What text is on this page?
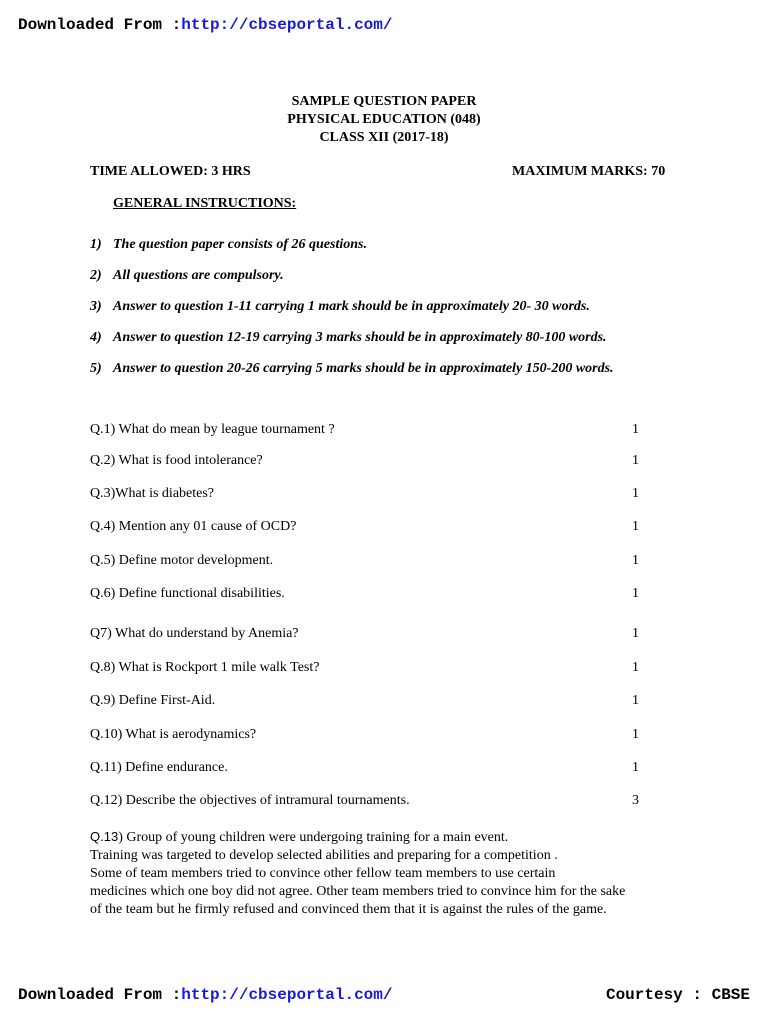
Downloaded From :http://cbseportal.com/
SAMPLE QUESTION PAPER
PHYSICAL EDUCATION (048)
CLASS XII (2017-18)
TIME ALLOWED: 3 HRS	MAXIMUM MARKS: 70
GENERAL INSTRUCTIONS:
1) The question paper consists of 26 questions.
2) All questions are compulsory.
3) Answer to question 1-11 carrying 1 mark should be in approximately 20- 30 words.
4) Answer to question 12-19 carrying 3 marks should be in approximately 80-100 words.
5) Answer to question 20-26 carrying 5 marks should be in approximately 150-200 words.
Q.1) What do mean by league tournament ?	1
Q.2) What is food intolerance?	1
Q.3)What is diabetes?	1
Q.4) Mention any 01 cause of OCD?	1
Q.5) Define motor development.	1
Q.6) Define functional disabilities.	1
Q7) What do understand by Anemia?	1
Q.8) What is Rockport 1 mile walk Test?	1
Q.9) Define First-Aid.	1
Q.10) What is aerodynamics?	1
Q.11) Define endurance.	1
Q.12) Describe the objectives of intramural tournaments.	3
Q.13) Group of young children were undergoing training for a main event.
Training was targeted to develop selected abilities and preparing for a competition .
Some of team members tried to convince other fellow team members to use certain
medicines which one boy did not agree. Other team members tried to convince him for the sake
of the team but he firmly refused and convinced them that it is against the rules of the game.
Downloaded From :http://cbseportal.com/	Courtesy : CBSE
